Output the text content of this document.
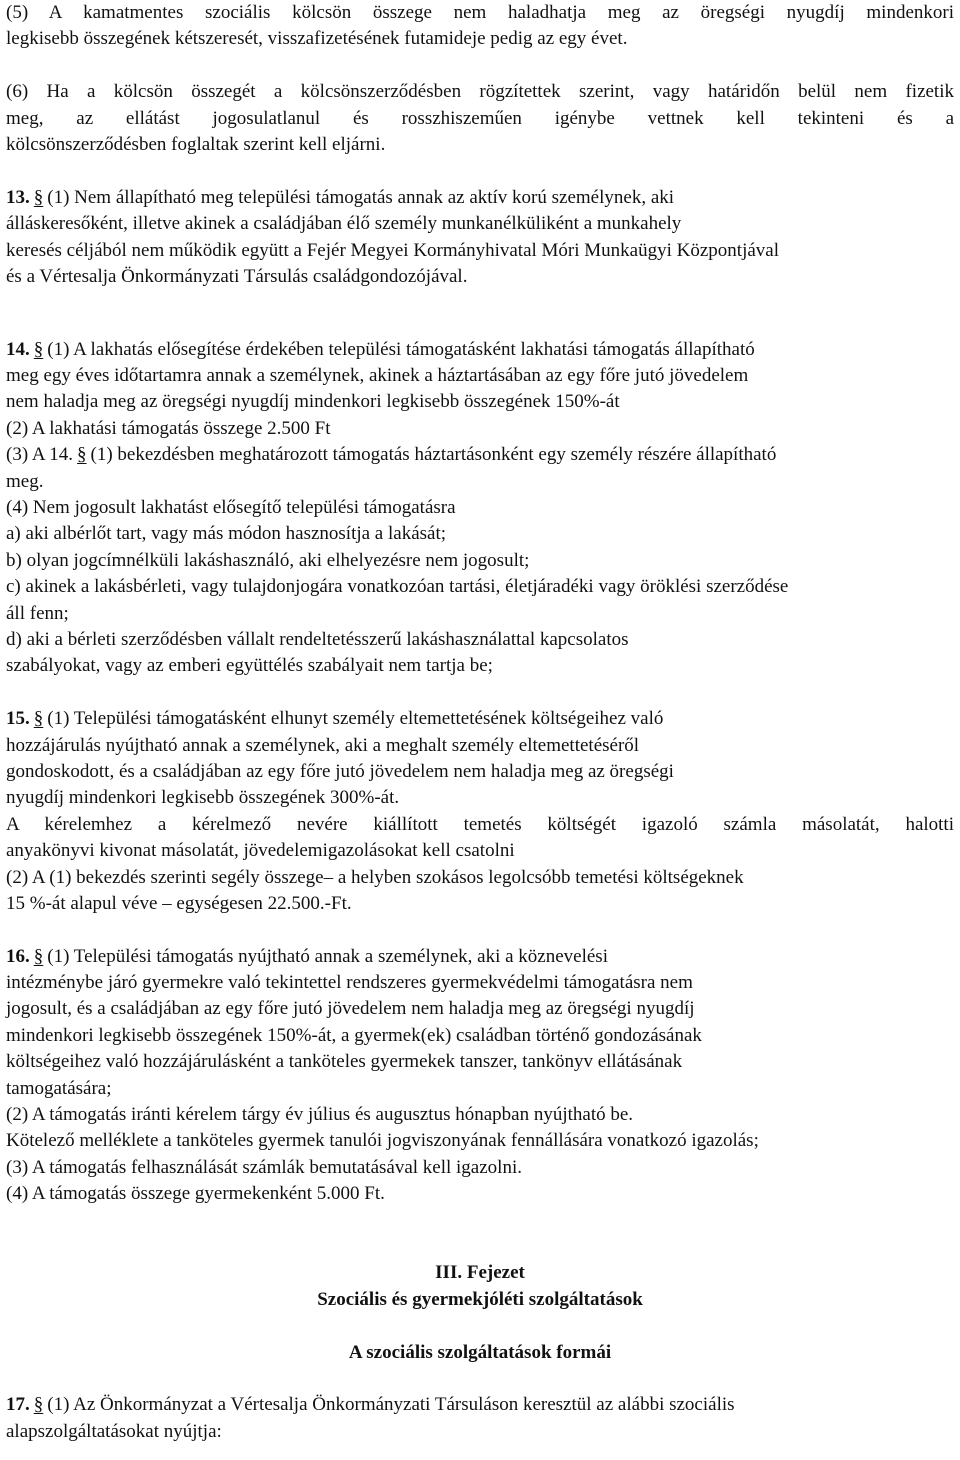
(5) A kamatmentes szociális kölcsön összege nem haladhatja meg az öregségi nyugdíj mindenkori
legkisebb összegének kétszeresét, visszafizetésének futamideje pedig az egy évet.
(6) Ha a kölcsön összegét a kölcsönszerződésben rögzítettek szerint, vagy határidőn belül nem fizetik
meg, az ellátást jogosulatlanul és rosszhiszeműen igénybe vettnek kell tekinteni és a
kölcsönszerződésben foglaltak szerint kell eljárni.
13. § (1) Nem állapítható meg települési támogatás annak az aktív korú személynek, aki
álláskeresőként, illetve akinek a családjában élő személy munkanélküliként a munkahely
keresés céljából nem működik együtt a Fejér Megyei Kormányhivatal Móri Munkaügyi Központjával
és a Vértesalja Önkormányzati Társulás családgondozójával.
14. § (1) A lakhatás elősegítése érdekében települési támogatásként lakhatási támogatás állapítható
meg egy éves időtartamra annak a személynek, akinek a háztartásában az egy főre jutó jövedelem
nem haladja meg az öregségi nyugdíj mindenkori legkisebb összegének 150%-át
(2) A lakhatási támogatás összege 2.500 Ft
(3) A 14. § (1) bekezdésben meghatározott támogatás háztartásonként egy személy részére állapítható
meg.
(4) Nem jogosult lakhatást elősegítő települési támogatásra
a) aki albérlőt tart, vagy más módon hasznosítja a lakását;
b) olyan jogcímnélküli lakáshasználó, aki elhelyezésre nem jogosult;
c) akinek a lakásbérleti, vagy tulajdonjogára vonatkozóan tartási, életjáradéki vagy öröklési szerződése
áll fenn;
d) aki a bérleti szerződésben vállalt rendeltetésszerű lakáshasználattal kapcsolatos
szabályokat, vagy az emberi együttélés szabályait nem tartja be;
15. § (1) Települési támogatásként elhunyt személy eltemettetésének költségeihez való
hozzájárulás nyújtható annak a személynek, aki a meghalt személy eltemettetéséről
gondoskodott, és a családjában az egy főre jutó jövedelem nem haladja meg az öregségi
nyugdíj mindenkori legkisebb összegének 300%-át.
A kérelemhez a kérelmező nevére kiállított temetés költségét igazoló számla másolatát, halotti
anyakönyvi kivonat másolatát, jövedelemigazolásokat kell csatolni
(2) A (1) bekezdés szerinti segély összege– a helyben szokásos legolcsóbb temetési költségeknek
15 %-át alapul véve – egységesen 22.500.-Ft.
16. § (1) Települési támogatás nyújtható annak a személynek, aki a köznevelési
intézménybe járó gyermekre való tekintettel rendszeres gyermekvédelmi támogatásra nem
jogosult, és a családjában az egy főre jutó jövedelem nem haladja meg az öregségi nyugdíj
mindenkori legkisebb összegének 150%-át, a gyermek(ek) családban történő gondozásának
költségeihez való hozzájárulásként a tanköteles gyermekek tanszer, tankönyv ellátásának
tamogatására;
(2) A támogatás iránti kérelem tárgy év július és augusztus hónapban nyújtható be.
Kötelező melléklete a tanköteles gyermek tanulói jogviszonyának fennállására vonatkozó igazolás;
(3) A támogatás felhasználását számlák bemutatásával kell igazolni.
(4) A támogatás összege gyermekenként 5.000 Ft.
III. Fejezet
Szociális és gyermekjóléti szolgáltatások
A szociális szolgáltatások formái
17. § (1) Az Önkormányzat a Vértesalja Önkormányzati Társuláson keresztül az alábbi szociális
alapszolgáltatásokat nyújtja:
